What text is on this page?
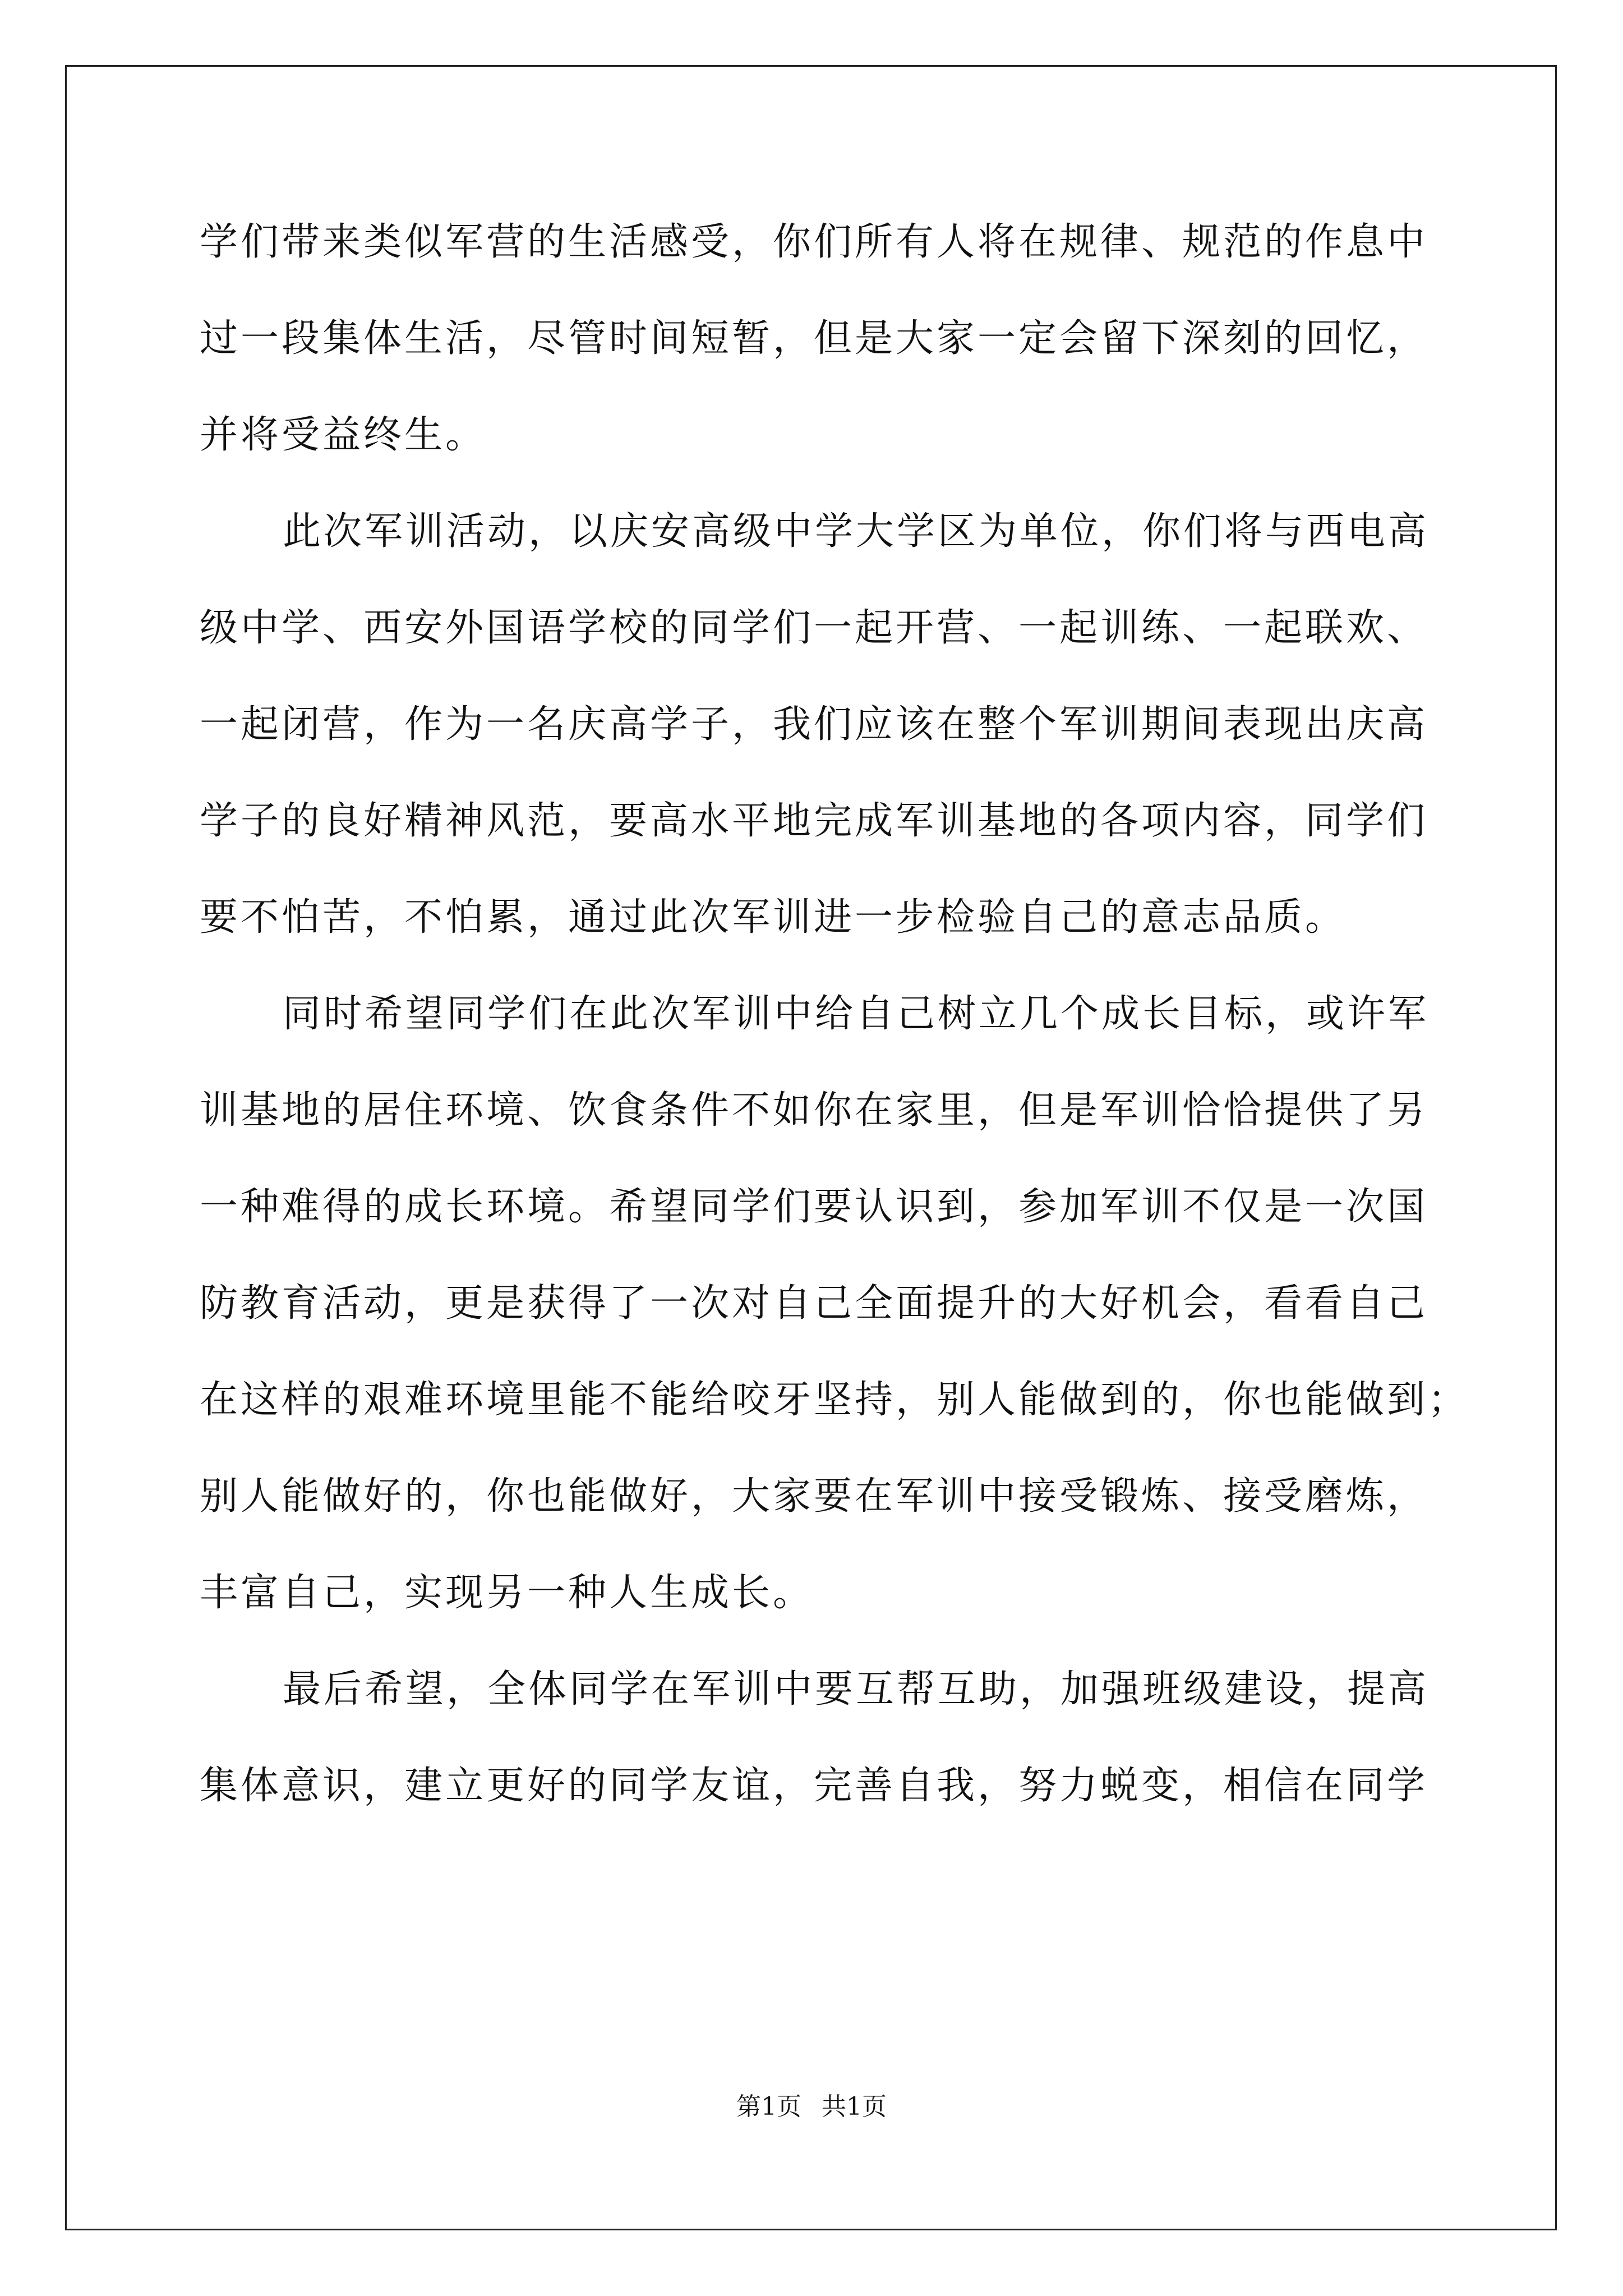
学们带来类似军营的生活感受，你们所有人将在规律、规范的作息中
过一段集体生活，尽管时间短暂，但是大家一定会留下深刻的回忆，
并将受益终生。
此次军训活动，以庆安高级中学大学区为单位，你们将与西电高
级中学、西安外国语学校的同学们一起开营、一起训练、一起联欢、
一起闭营，作为一名庆高学子，我们应该在整个军训期间表现出庆高
学子的良好精神风范，要高水平地完成军训基地的各项内容，同学们
要不怕苦，不怕累，通过此次军训进一步检验自己的意志品质。
同时希望同学们在此次军训中给自己树立几个成长目标，或许军
训基地的居住环境、饮食条件不如你在家里，但是军训恰恰提供了另
一种难得的成长环境。希望同学们要认识到，参加军训不仅是一次国
防教育活动，更是获得了一次对自己全面提升的大好机会，看看自己
在这样的艰难环境里能不能给咬牙坚持，别人能做到的，你也能做到；
别人能做好的，你也能做好，大家要在军训中接受锻炼、接受磨炼，
丰富自己，实现另一种人生成长。
最后希望，全体同学在军训中要互帮互助，加强班级建设，提高
集体意识，建立更好的同学友谊，完善自我，努力蜕变，相信在同学
第1页 共1页
